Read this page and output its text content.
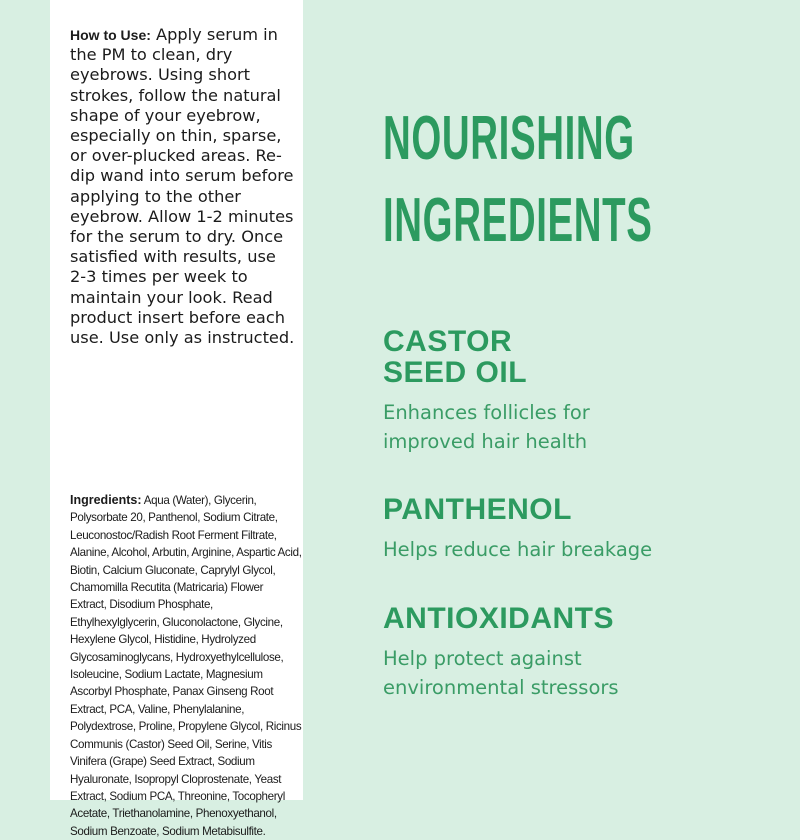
How to Use: Apply serum in the PM to clean, dry eyebrows. Using short strokes, follow the natural shape of your eyebrow, especially on thin, sparse, or over-plucked areas. Re-dip wand into serum before applying to the other eyebrow. Allow 1-2 minutes for the serum to dry. Once satisfied with results, use 2-3 times per week to maintain your look. Read product insert before each use. Use only as instructed.
Ingredients: Aqua (Water), Glycerin, Polysorbate 20, Panthenol, Sodium Citrate, Leuconostoc/Radish Root Ferment Filtrate, Alanine, Alcohol, Arbutin, Arginine, Aspartic Acid, Biotin, Calcium Gluconate, Caprylyl Glycol, Chamomilla Recutita (Matricaria) Flower Extract, Disodium Phosphate, Ethylhexylglycerin, Gluconolactone, Glycine, Hexylene Glycol, Histidine, Hydrolyzed Glycosaminoglycans, Hydroxyethylcellulose, Isoleucine, Sodium Lactate, Magnesium Ascorbyl Phosphate, Panax Ginseng Root Extract, PCA, Valine, Phenylalanine, Polydextrose, Proline, Propylene Glycol, Ricinus Communis (Castor) Seed Oil, Serine, Vitis Vinifera (Grape) Seed Extract, Sodium Hyaluronate, Isopropyl Cloprostenate, Yeast Extract, Sodium PCA, Threonine, Tocopheryl Acetate, Triethanolamine, Phenoxyethanol, Sodium Benzoate, Sodium Metabisulfite.
NOURISHING
INGREDIENTS
CASTOR
SEED OIL
Enhances follicles for
improved hair health
PANTHENOL
Helps reduce hair breakage
ANTIOXIDANTS
Help protect against
environmental stressors
